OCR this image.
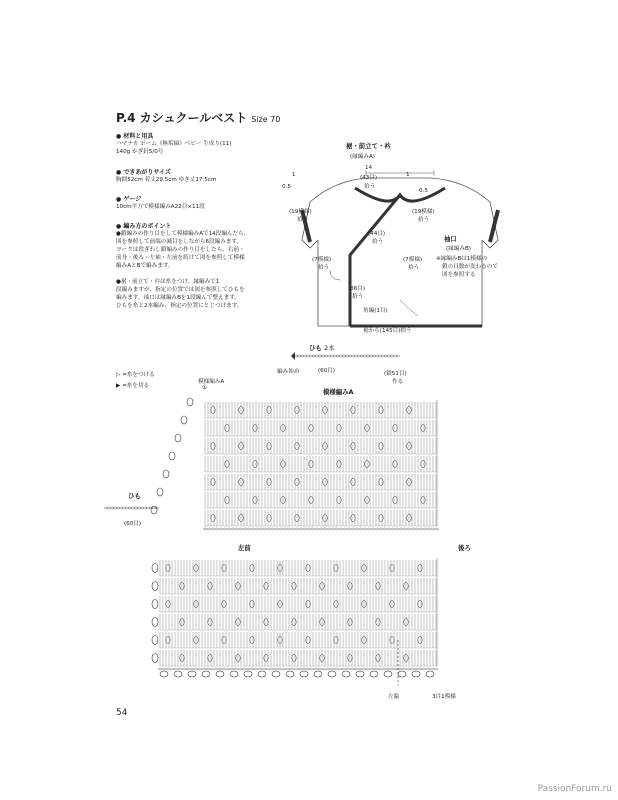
P.4 カシュクールベスト Size 70
● 材料と用具
ハマナカ ポーム《無垢綿》ベビー 生成り(11)
140g かぎ針5/0号
● できあがりサイズ
胸囲52cm 着丈29.5cm ゆき丈17.5cm
● ゲージ
10cm平方で模様編みA22目×11段
● 編み方のポイント
●鎖編みの作り目をして模様編みAで14段編んだら、
図を参照して前端の減目をしながら6段編みます。
ヨークは段ぎわし鎖編みの作り目をしたら、右前・
前身・後ろ・左袖・左前を続けて図を参照して模様
編みAとBで編みます。
●裾・前立て・衿は糸をつけ、縁編みで1
段編みますが、指定の位置では図を参照してひもを
編みます。袖口は縁編みBを1段編んで整えます。
ひもを糸と2本編み、指定の位置にとじつけます。
裾・前立て・衿
(縁編みA)
14
(43目)
拾う
0.5
1	1
0.5
(19模様)
拾う
(19模様)
拾う
(44目)
拾う
(7模様)
拾う
(7模様)
拾う
(36目)
拾う
角編(1目)
裾から(145目)拾う
袖口
(縁編みB)
※縁編みBは1模様の
鎖の目数が変わるので
図を参照する
▷ =糸をつける
▶ =糸を切る
ひも 2本
編み始め	(60目)	(鎖51目)
作る
模様編みA
模様編みA
①
左前	後ろ
ひも
(60目)
左脇	3目1模様
54
PassionForum.ru
